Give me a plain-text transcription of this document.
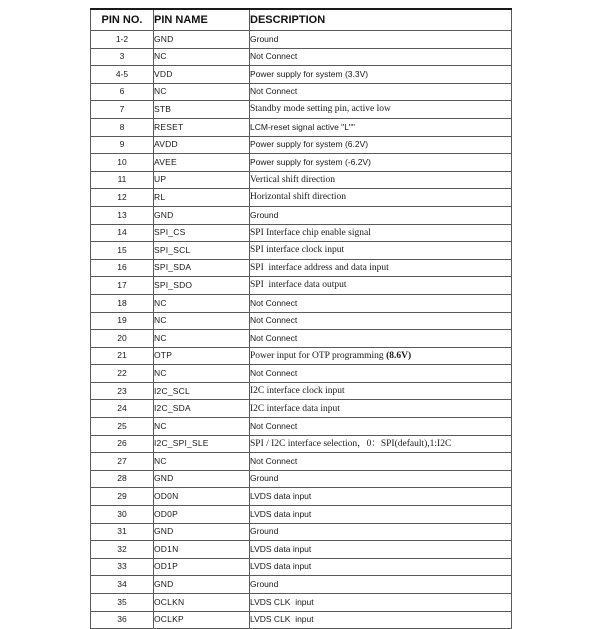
PIN NO.	PIN NAME	DESCRIPTION
1-2	GND	Ground
3	NC	Not Connect
4-5	VDD	Power supply for system (3.3V)
6	NC	Not Connect
7	STB	Standby mode setting pin, active low
8	RESET	LCM-reset signal active "L""
9	AVDD	Power supply for system (6.2V)
10	AVEE	Power supply for system (-6.2V)
11	UP	Vertical shift direction
12	RL	Horizontal shift direction
13	GND	Ground
14	SPI_CS	SPI Interface chip enable signal
15	SPI_SCL	SPI interface clock input
16	SPI_SDA	SPI  interface address and data input
17	SPI_SDO	SPI  interface data output
18	NC	Not Connect
19	NC	Not Connect
20	NC	Not Connect
21	OTP	Power input for OTP programming (8.6V)
22	NC	Not Connect
23	I2C_SCL	I2C interface clock input
24	I2C_SDA	I2C interface data input
25	NC	Not Connect
26	I2C_SPI_SLE	SPI / I2C interface selection，0：SPI(default),1:I2C
27	NC	Not Connect
28	GND	Ground
29	OD0N	LVDS data input
30	OD0P	LVDS data input
31	GND	Ground
32	OD1N	LVDS data input
33	OD1P	LVDS data input
34	GND	Ground
35	OCLKN	LVDS CLK  input
36	OCLKP	LVDS CLK  input
